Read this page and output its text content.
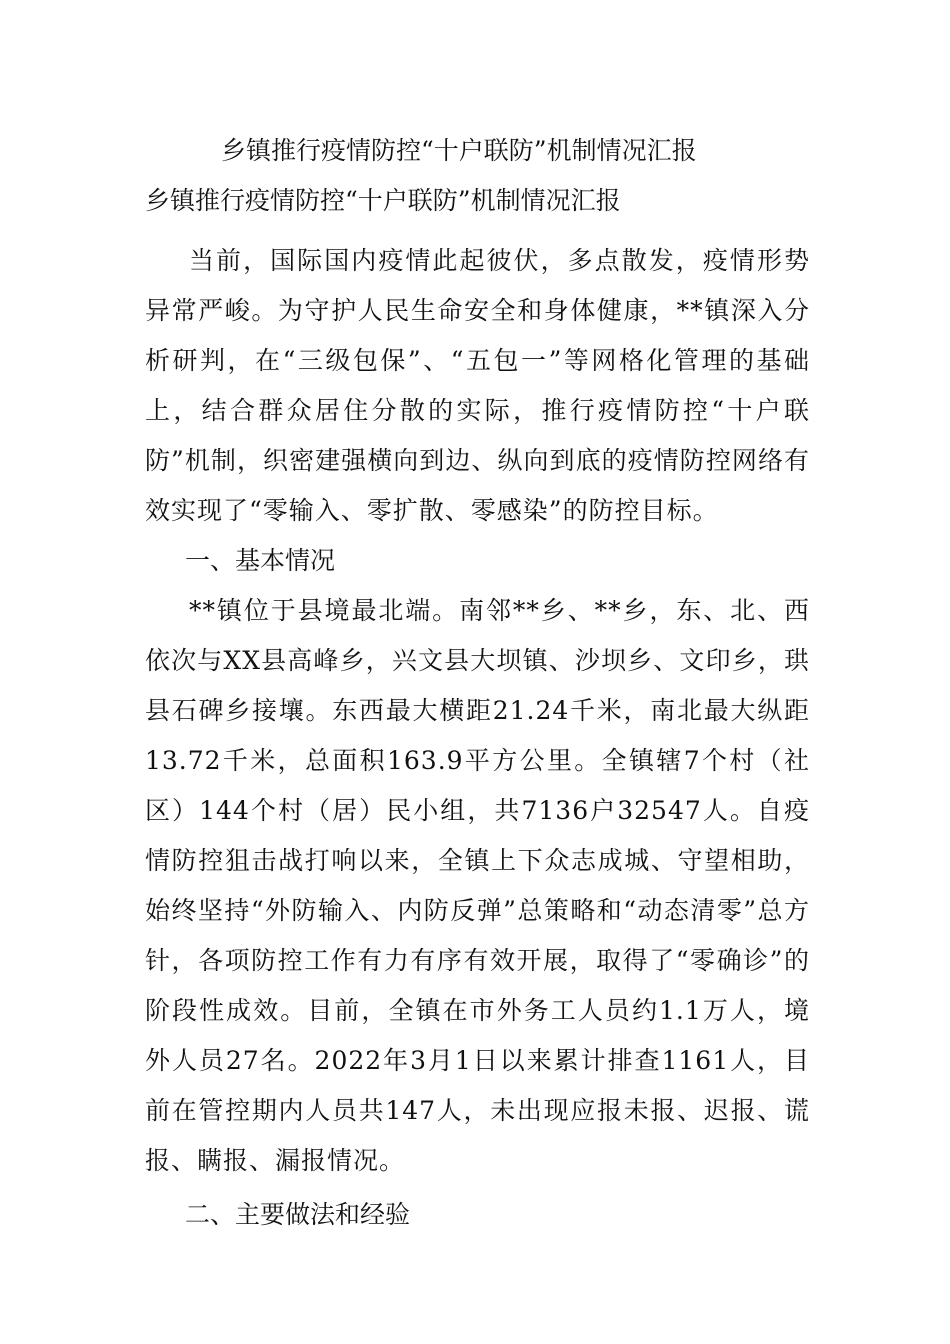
乡镇推行疫情防控“十户联防”机制情况汇报
乡镇推行疫情防控“十户联防”机制情况汇报

当前，国际国内疫情此起彼伏，多点散发，疫情形势异常严峻。为守护人民生命安全和身体健康，**镇深入分析研判，在“三级包保”、“五包一”等网格化管理的基础上，结合群众居住分散的实际，推行疫情防控“十户联防”机制，织密建强横向到边、纵向到底的疫情防控网络有效实现了“零输入、零扩散、零感染”的防控目标。

一、基本情况

**镇位于县境最北端。南邻**乡、**乡，东、北、西依次与XX县高峰乡，兴文县大坝镇、沙坝乡、文印乡，珙县石碑乡接壤。东西最大横距21.24千米，南北最大纵距13.72千米，总面积163.9平方公里。全镇辖7个村（社区）144个村（居）民小组，共7136户32547人。自疫情防控狙击战打响以来，全镇上下众志成城、守望相助，始终坚持“外防输入、内防反弹”总策略和“动态清零”总方针，各项防控工作有力有序有效开展，取得了“零确诊”的阶段性成效。目前，全镇在市外务工人员约1.1万人，境外人员27名。2022年3月1日以来累计排查1161人，目前在管控期内人员共147人，未出现应报未报、迟报、谎报、瞒报、漏报情况。

二、主要做法和经验
